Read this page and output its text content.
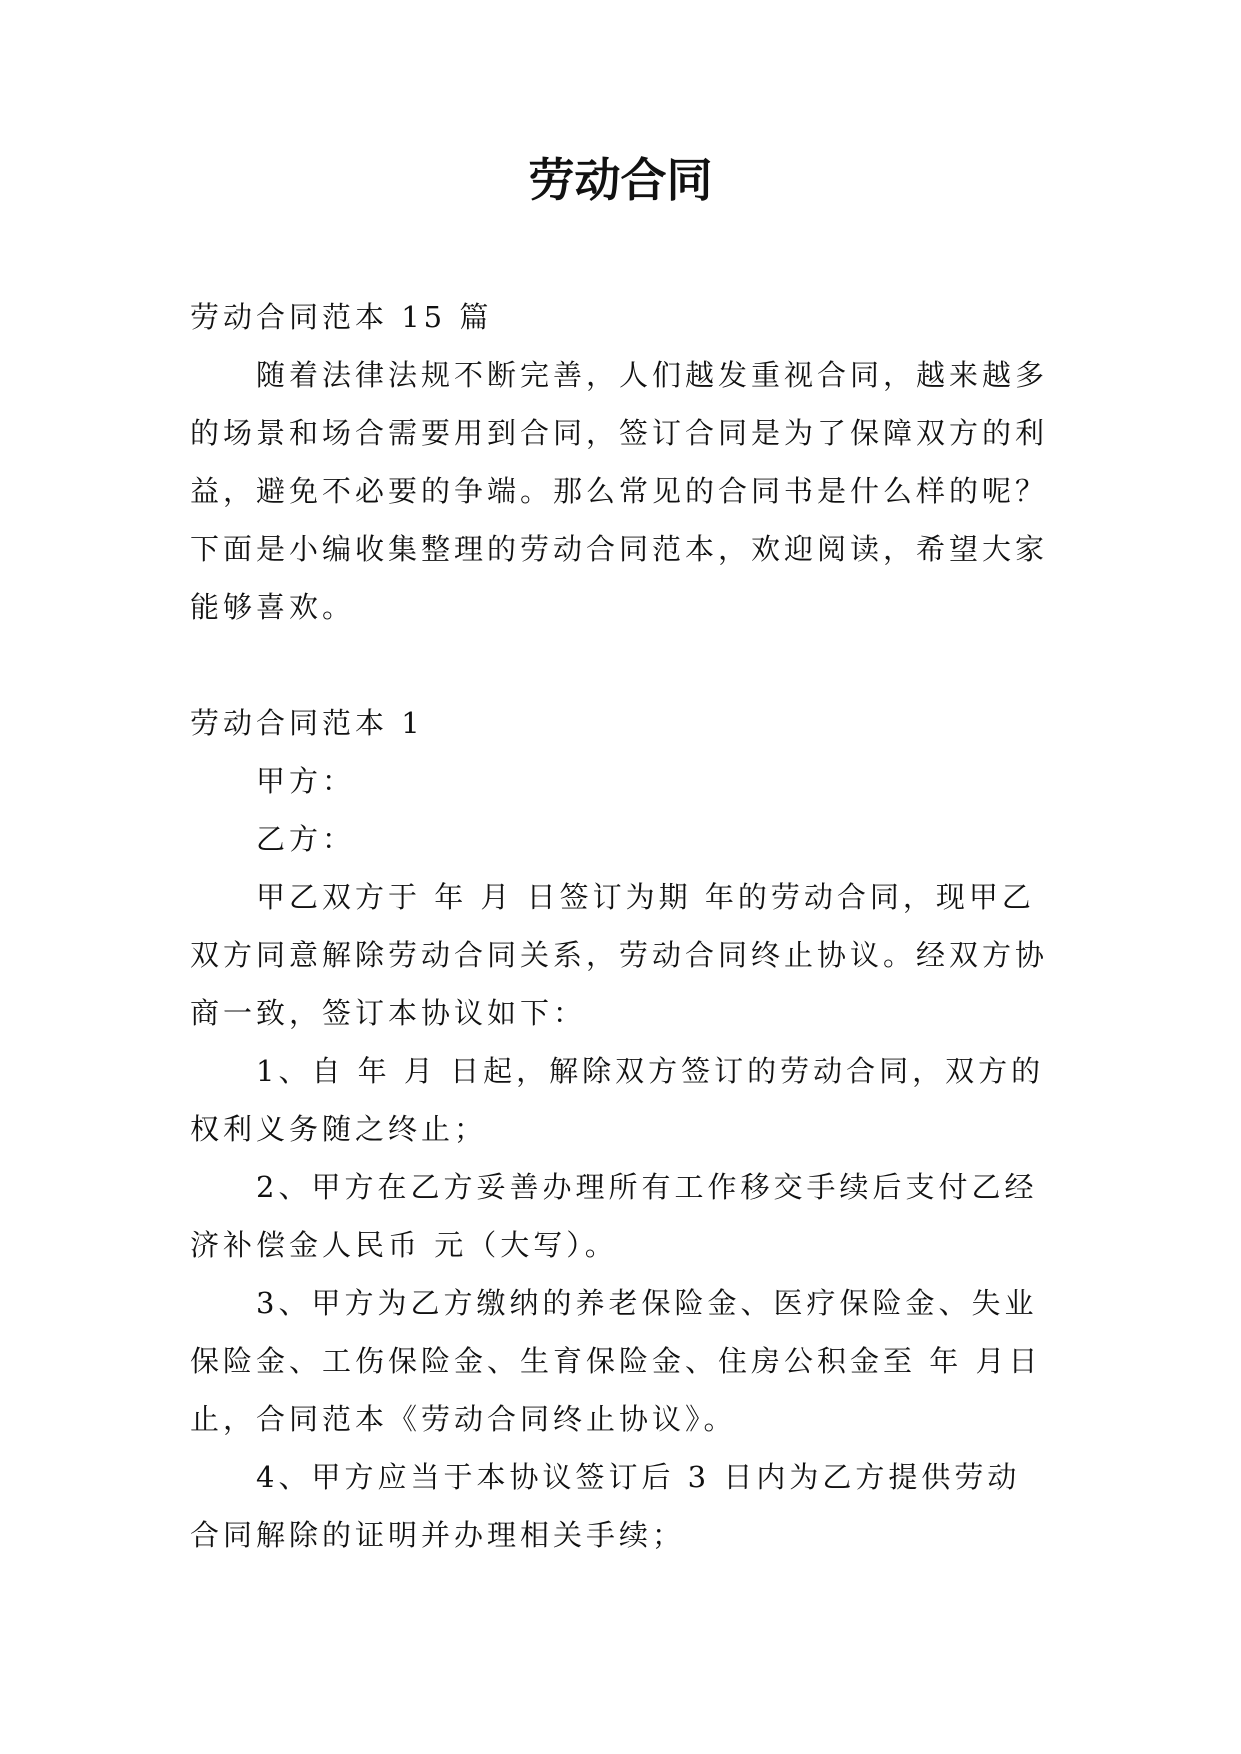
劳动合同

劳动合同范本 15 篇

随着法律法规不断完善，人们越发重视合同，越来越多的场景和场合需要用到合同，签订合同是为了保障双方的利益，避免不必要的争端。那么常见的合同书是什么样的呢？下面是小编收集整理的劳动合同范本，欢迎阅读，希望大家能够喜欢。

劳动合同范本 1

甲方：

乙方：

甲乙双方于 年 月 日签订为期 年的劳动合同，现甲乙双方同意解除劳动合同关系，劳动合同终止协议。经双方协商一致，签订本协议如下：

1、自 年 月 日起，解除双方签订的劳动合同，双方的权利义务随之终止；

2、甲方在乙方妥善办理所有工作移交手续后支付乙经济补偿金人民币 元（大写）。

3、甲方为乙方缴纳的养老保险金、医疗保险金、失业保险金、工伤保险金、生育保险金、住房公积金至 年 月日止，合同范本《劳动合同终止协议》。

4、甲方应当于本协议签订后 3 日内为乙方提供劳动合同解除的证明并办理相关手续；
